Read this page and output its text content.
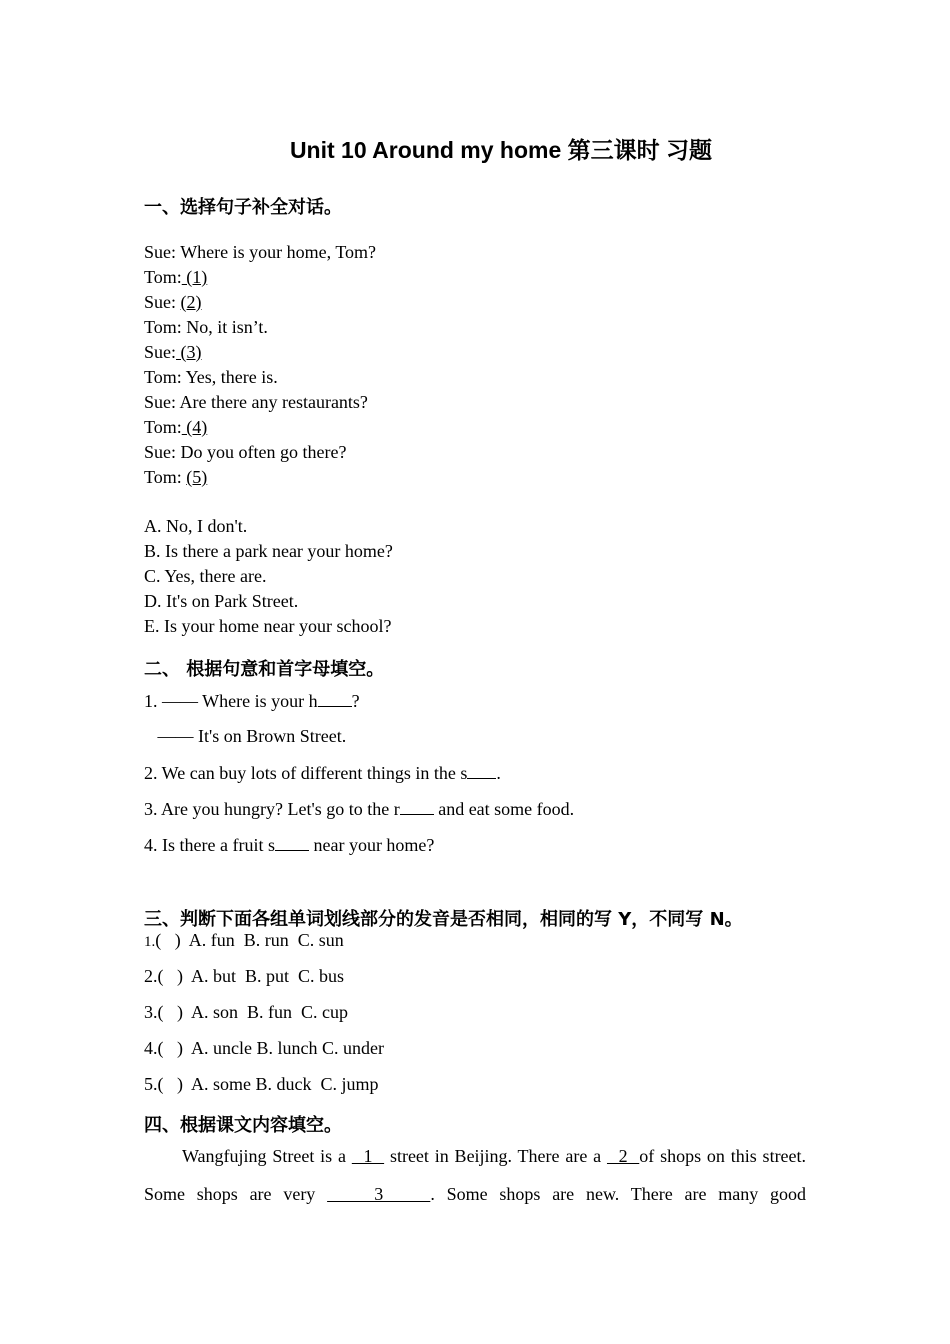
Unit 10 Around my home 第三课时 习题
一、选择句子补全对话。
Sue: Where is your home, Tom?
Tom: (1)
Sue: (2)
Tom: No, it isn’t.
Sue: (3)
Tom: Yes, there is.
Sue: Are there any restaurants?
Tom: (4)
Sue: Do you often go there?
Tom: (5)
A. No, I don't.
B. Is there a park near your home?
C. Yes, there are.
D. It's on Park Street.
E. Is your home near your school?
二、 根据句意和首字母填空。
1. —— Where is your h ?
—— It's on Brown Street.
2. We can buy lots of different things in the s .
3. Are you hungry? Let's go to the r and eat some food.
4. Is there a fruit s near your home?
三、判断下面各组单词划线部分的发音是否相同，相同的写 Y，不同写 N。
1.(   )  A. fun  B. run  C. sun
2.(   )  A. but  B. put  C. bus
3.(   )  A. son  B. fun  C. cup
4.(   )  A. uncle B. lunch C. under
5.(   )  A. some B. duck  C. jump
四、根据课文内容填空。
Wangfujing Street is a   1   street in Beijing. There are a   2  of shops on this street. Some shops are very     3    . Some shops are new. There are many good
